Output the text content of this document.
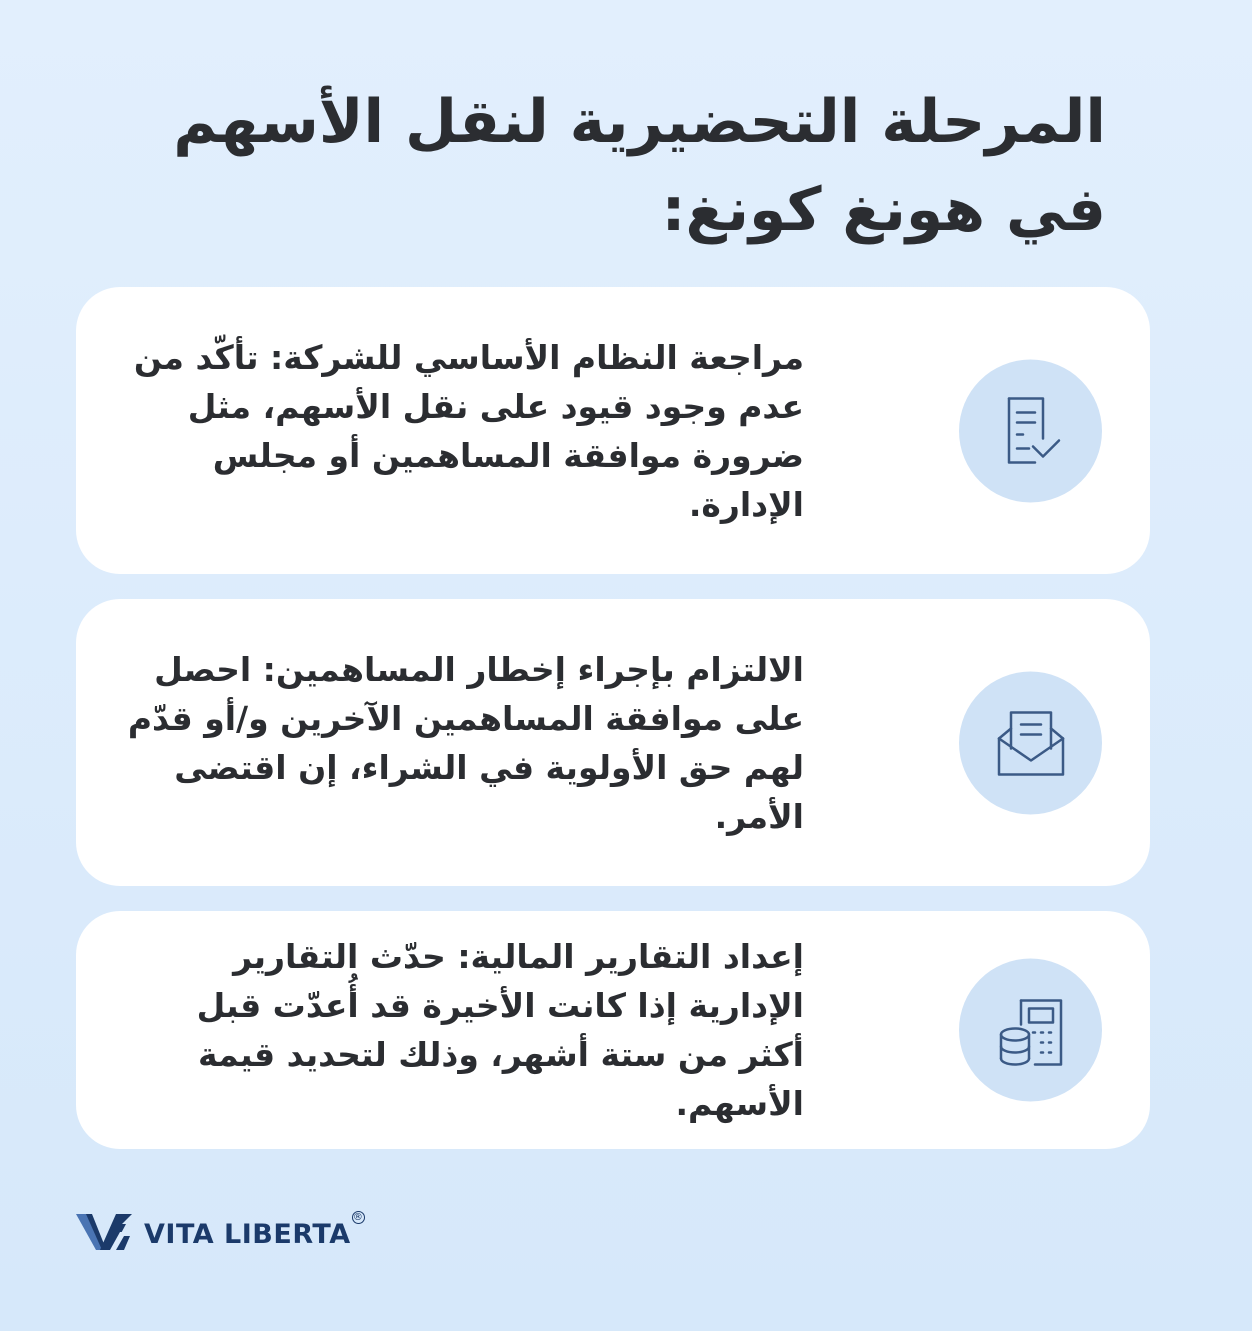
المرحلة التحضيرية لنقل الأسهم في هونغ كونغ:
مراجعة النظام الأساسي للشركة: تأكّد من عدم وجود قيود على نقل الأسهم، مثل ضرورة موافقة المساهمين أو مجلس الإدارة.
الالتزام بإجراء إخطار المساهمين: احصل على موافقة المساهمين الآخرين و/أو قدّم لهم حق الأولوية في الشراء، إن اقتضى الأمر.
إعداد التقارير المالية: حدّث التقارير الإدارية إذا كانت الأخيرة قد أُعدّت قبل أكثر من ستة أشهر، وذلك لتحديد قيمة الأسهم.
VITA LIBERTA
®
